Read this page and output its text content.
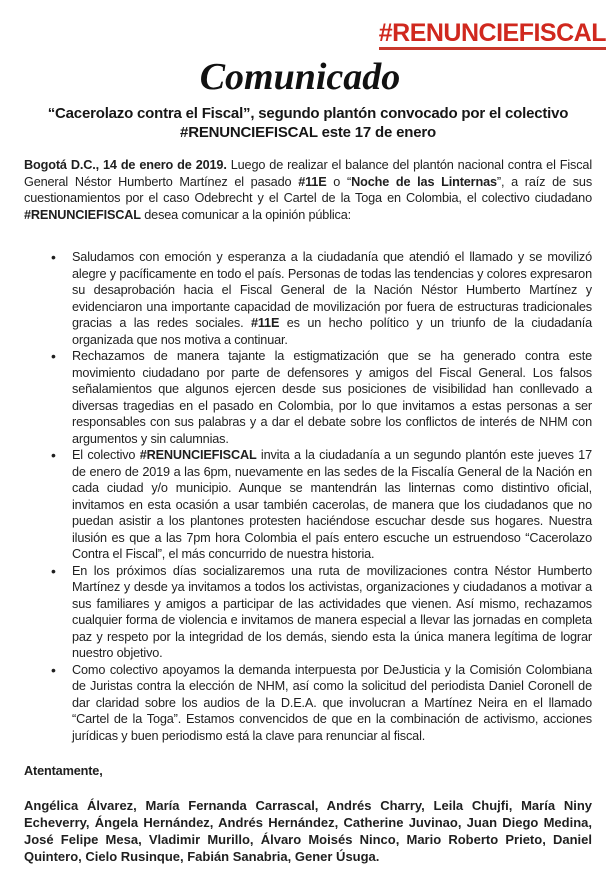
#RENUNCIEFISCAL
Comunicado
“Cacerolazo contra el Fiscal”, segundo plantón convocado por el colectivo
#RENUNCIEFISCAL este 17 de enero

Bogotá D.C., 14 de enero de 2019. Luego de realizar el balance del plantón nacional contra el Fiscal General Néstor Humberto Martínez el pasado #11E o “Noche de las Linternas”, a raíz de sus cuestionamientos por el caso Odebrecht y el Cartel de la Toga en Colombia, el colectivo ciudadano #RENUNCIEFISCAL desea comunicar a la opinión pública:

• Saludamos con emoción y esperanza a la ciudadanía que atendió el llamado y se movilizó alegre y pacíficamente en todo el país. Personas de todas las tendencias y colores expresaron su desaprobación hacia el Fiscal General de la Nación Néstor Humberto Martínez y evidenciaron una importante capacidad de movilización por fuera de estructuras tradicionales gracias a las redes sociales. #11E es un hecho político y un triunfo de la ciudadanía organizada que nos motiva a continuar.
• Rechazamos de manera tajante la estigmatización que se ha generado contra este movimiento ciudadano por parte de defensores y amigos del Fiscal General. Los falsos señalamientos que algunos ejercen desde sus posiciones de visibilidad han conllevado a diversas tragedias en el pasado en Colombia, por lo que invitamos a estas personas a ser responsables con sus palabras y a dar el debate sobre los conflictos de interés de NHM con argumentos y sin calumnias.
• El colectivo #RENUNCIEFISCAL invita a la ciudadanía a un segundo plantón este jueves 17 de enero de 2019 a las 6pm, nuevamente en las sedes de la Fiscalía General de la Nación en cada ciudad y/o municipio. Aunque se mantendrán las linternas como distintivo oficial, invitamos en esta ocasión a usar también cacerolas, de manera que los ciudadanos que no puedan asistir a los plantones protesten haciéndose escuchar desde sus hogares. Nuestra ilusión es que a las 7pm hora Colombia el país entero escuche un estruendoso “Cacerolazo Contra el Fiscal”, el más concurrido de nuestra historia.
• En los próximos días socializaremos una ruta de movilizaciones contra Néstor Humberto Martínez y desde ya invitamos a todos los activistas, organizaciones y ciudadanos a motivar a sus familiares y amigos a participar de las actividades que vienen. Así mismo, rechazamos cualquier forma de violencia e invitamos de manera especial a llevar las jornadas en completa paz y respeto por la integridad de los demás, siendo esta la única manera legítima de lograr nuestro objetivo.
• Como colectivo apoyamos la demanda interpuesta por DeJusticia y la Comisión Colombiana de Juristas contra la elección de NHM, así como la solicitud del periodista Daniel Coronell de dar claridad sobre los audios de la D.E.A. que involucran a Martínez Neira en el llamado “Cartel de la Toga”. Estamos convencidos de que en la combinación de activismo, acciones jurídicas y buen periodismo está la clave para renunciar al fiscal.

Atentamente,

Angélica Álvarez, María Fernanda Carrascal, Andrés Charry, Leila Chujfi, María Niny Echeverry, Ángela Hernández, Andrés Hernández, Catherine Juvinao, Juan Diego Medina, José Felipe Mesa, Vladimir Murillo, Álvaro Moisés Ninco, Mario Roberto Prieto, Daniel Quintero, Cielo Rusinque, Fabián Sanabria, Gener Úsuga.
